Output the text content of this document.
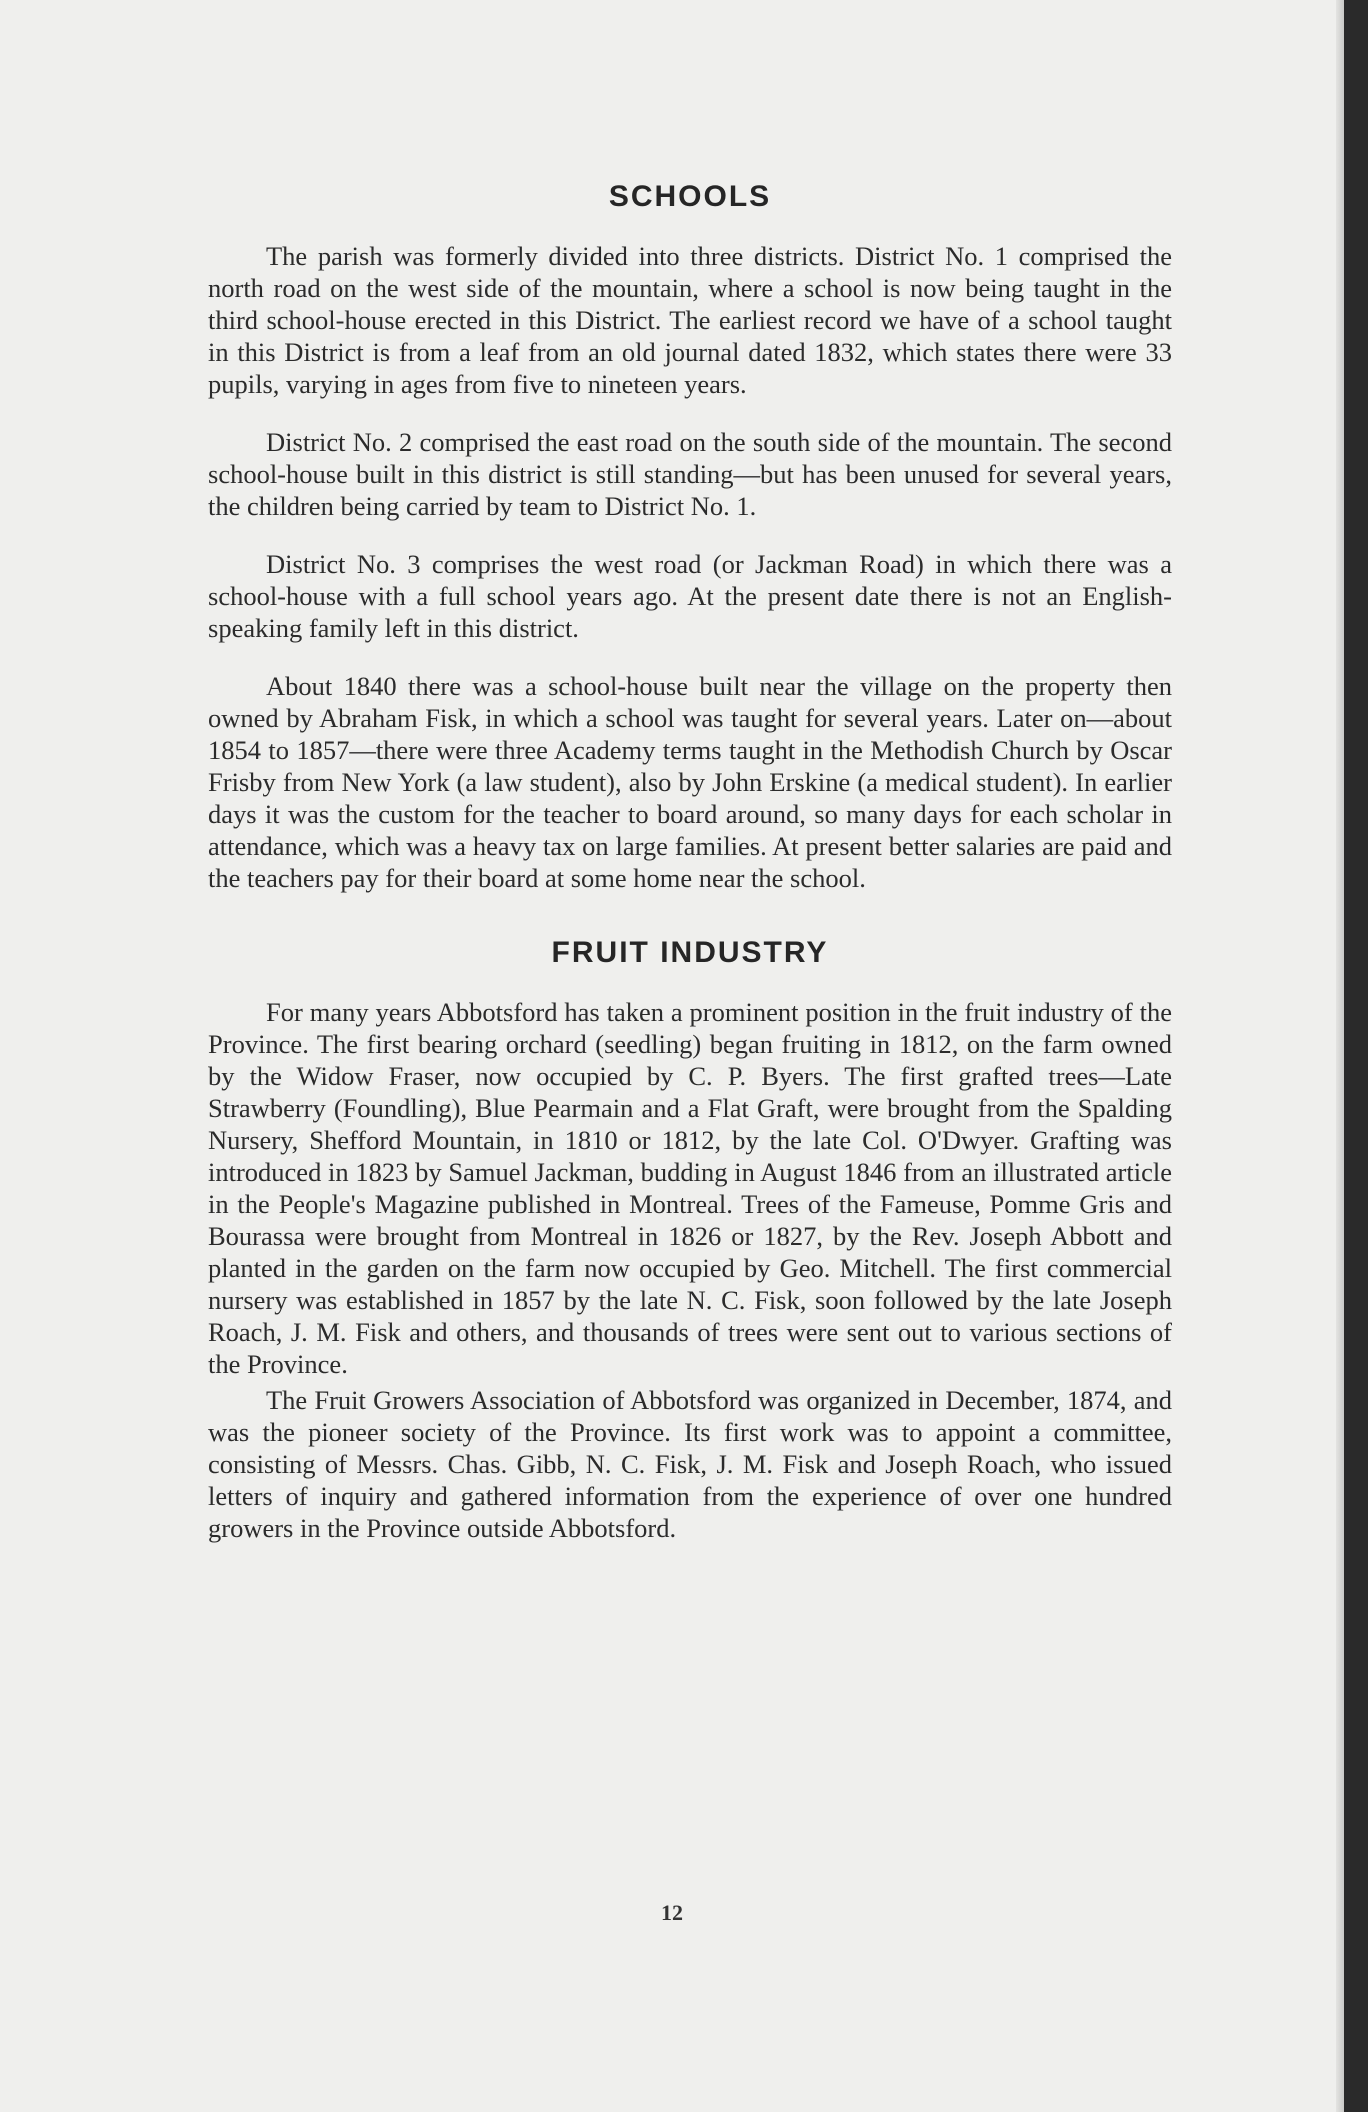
SCHOOLS

The parish was formerly divided into three districts. District No. 1 comprised the north road on the west side of the mountain, where a school is now being taught in the third school-house erected in this District. The earliest record we have of a school taught in this District is from a leaf from an old journal dated 1832, which states there were 33 pupils, varying in ages from five to nineteen years.

District No. 2 comprised the east road on the south side of the mountain. The second school-house built in this district is still standing—but has been unused for several years, the children being carried by team to District No. 1.

District No. 3 comprises the west road (or Jackman Road) in which there was a school-house with a full school years ago. At the present date there is not an English-speaking family left in this district.

About 1840 there was a school-house built near the village on the property then owned by Abraham Fisk, in which a school was taught for several years. Later on—about 1854 to 1857—there were three Academy terms taught in the Methodish Church by Oscar Frisby from New York (a law student), also by John Erskine (a medical student). In earlier days it was the custom for the teacher to board around, so many days for each scholar in attendance, which was a heavy tax on large families. At present better salaries are paid and the teachers pay for their board at some home near the school.

FRUIT INDUSTRY

For many years Abbotsford has taken a prominent position in the fruit industry of the Province. The first bearing orchard (seedling) began fruiting in 1812, on the farm owned by the Widow Fraser, now occupied by C. P. Byers. The first grafted trees—Late Strawberry (Foundling), Blue Pearmain and a Flat Graft, were brought from the Spalding Nursery, Shefford Mountain, in 1810 or 1812, by the late Col. O'Dwyer. Grafting was introduced in 1823 by Samuel Jackman, budding in August 1846 from an illustrated article in the People's Magazine published in Montreal. Trees of the Fameuse, Pomme Gris and Bourassa were brought from Montreal in 1826 or 1827, by the Rev. Joseph Abbott and planted in the garden on the farm now occupied by Geo. Mitchell. The first commercial nursery was established in 1857 by the late N. C. Fisk, soon followed by the late Joseph Roach, J. M. Fisk and others, and thousands of trees were sent out to various sections of the Province.

The Fruit Growers Association of Abbotsford was organized in December, 1874, and was the pioneer society of the Province. Its first work was to appoint a committee, consisting of Messrs. Chas. Gibb, N. C. Fisk, J. M. Fisk and Joseph Roach, who issued letters of inquiry and gathered information from the experience of over one hundred growers in the Province outside Abbotsford.

12
